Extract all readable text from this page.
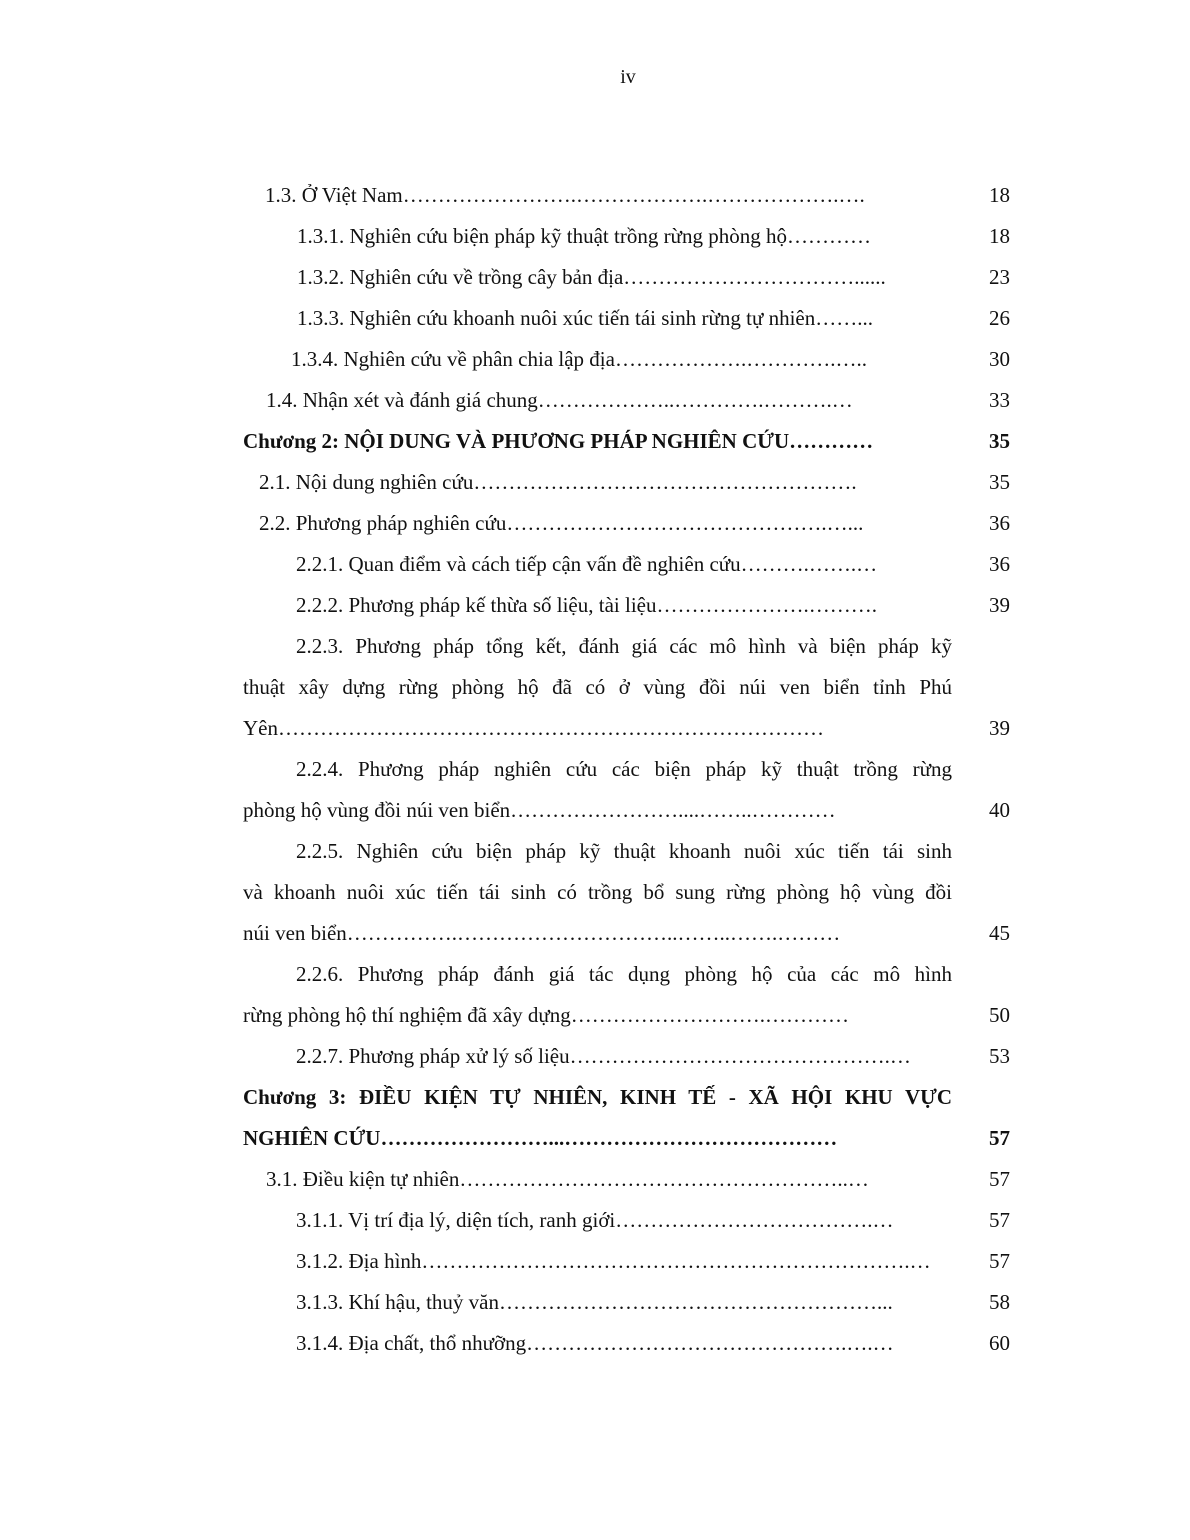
iv
1.3. Ở Việt Nam…………………….……………….……………….….	18
1.3.1. Nghiên cứu biện pháp kỹ thuật trồng rừng phòng hộ…………	18
1.3.2. Nghiên cứu về trồng cây bản địa……………………………......	23
1.3.3. Nghiên cứu khoanh nuôi xúc tiến tái sinh rừng tự nhiên……...	26
1.3.4. Nghiên cứu về phân chia lập địa……………….………….…..	30
1.4. Nhận xét và đánh giá chung………………..………….……….…	33
Chương 2: NỘI DUNG VÀ PHƯƠNG PHÁP NGHIÊN CỨU…………	35
2.1. Nội dung nghiên cứu……………………………………………….	35
2.2. Phương pháp nghiên cứu……………………………………….…...	36
2.2.1. Quan điểm và cách tiếp cận vấn đề nghiên cứu……….…….…	36
2.2.2. Phương pháp kế thừa số liệu, tài liệu………………….……….	39
2.2.3. Phương pháp tổng kết, đánh giá các mô hình và biện pháp kỹ
thuật xây dựng rừng phòng hộ đã có ở vùng đồi núi ven biển tỉnh Phú
Yên……………………………………………………………………	39
2.2.4. Phương pháp nghiên cứu các biện pháp kỹ thuật trồng rừng
phòng hộ vùng đồi núi ven biển……………………....……..…………	40
2.2.5. Nghiên cứu biện pháp kỹ thuật khoanh nuôi xúc tiến tái sinh
và khoanh nuôi xúc tiến tái sinh có trồng bổ sung rừng phòng hộ vùng đồi
núi ven biển…………….…………………………..……..…….………	45
2.2.6. Phương pháp đánh giá tác dụng phòng hộ của các mô hình
rừng phòng hộ thí nghiệm đã xây dựng……………………….…………	50
2.2.7. Phương pháp xử lý số liệu……………………………………….…	53
Chương 3: ĐIỀU KIỆN TỰ NHIÊN, KINH TẾ - XÃ HỘI KHU VỰC
NGHIÊN CỨU……………………...…………………………………	57
3.1. Điều kiện tự nhiên………………………………………………..…	57
3.1.1. Vị trí địa lý, diện tích, ranh giới……………………………….…	57
3.1.2. Địa hình…………………………………………………………….…	57
3.1.3. Khí hậu, thuỷ văn………………………………………………...	58
3.1.4. Địa chất, thổ nhưỡng……………………………………….….…	60
